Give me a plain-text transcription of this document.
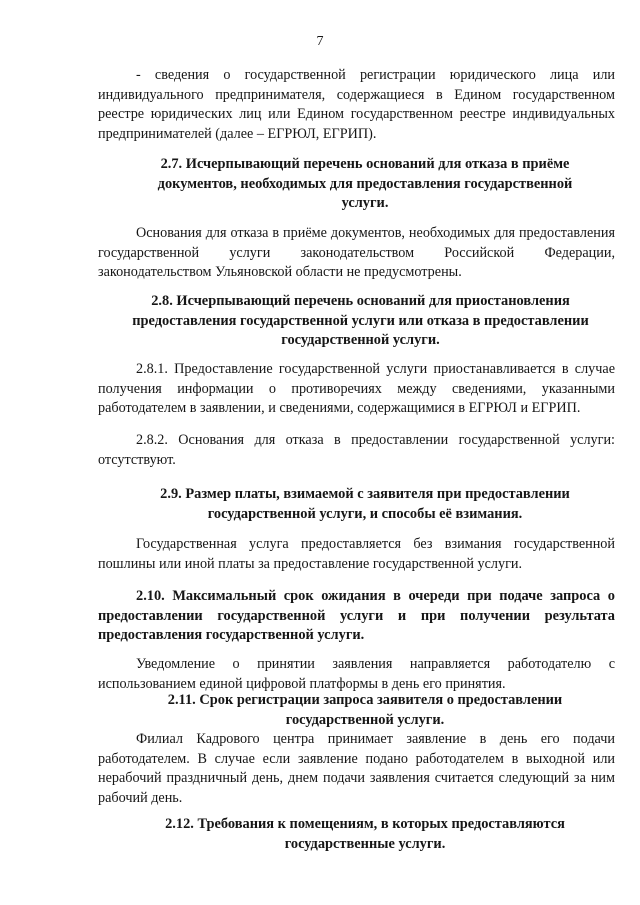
7
- сведения о государственной регистрации юридического лица или индивидуального предпринимателя, содержащиеся в Едином государственном реестре юридических лиц или Едином государственном реестре индивидуальных предпринимателей (далее – ЕГРЮЛ, ЕГРИП).
2.7. Исчерпывающий перечень оснований для отказа в приёме документов, необходимых для предоставления государственной услуги.
Основания для отказа в приёме документов, необходимых для предоставления государственной услуги законодательством Российской Федерации, законодательством Ульяновской области не предусмотрены.
2.8. Исчерпывающий перечень оснований для приостановления предоставления государственной услуги или отказа в предоставлении государственной услуги.
2.8.1. Предоставление государственной услуги приостанавливается в случае получения информации о противоречиях между сведениями, указанными работодателем в заявлении, и сведениями, содержащимися в ЕГРЮЛ и ЕГРИП.
2.8.2. Основания для отказа в предоставлении государственной услуги: отсутствуют.
2.9. Размер платы, взимаемой с заявителя при предоставлении государственной услуги, и способы её взимания.
Государственная услуга предоставляется без взимания государственной пошлины или иной платы за предоставление государственной услуги.
2.10. Максимальный срок ожидания в очереди при подаче запроса о предоставлении государственной услуги и при получении результата предоставления государственной услуги.
Уведомление о принятии заявления направляется работодателю с использованием единой цифровой платформы в день его принятия.
2.11. Срок регистрации запроса заявителя о предоставлении государственной услуги.
Филиал Кадрового центра принимает заявление в день его подачи работодателем. В случае если заявление подано работодателем в выходной или нерабочий праздничный день, днем подачи заявления считается следующий за ним рабочий день.
2.12. Требования к помещениям, в которых предоставляются государственные услуги.
